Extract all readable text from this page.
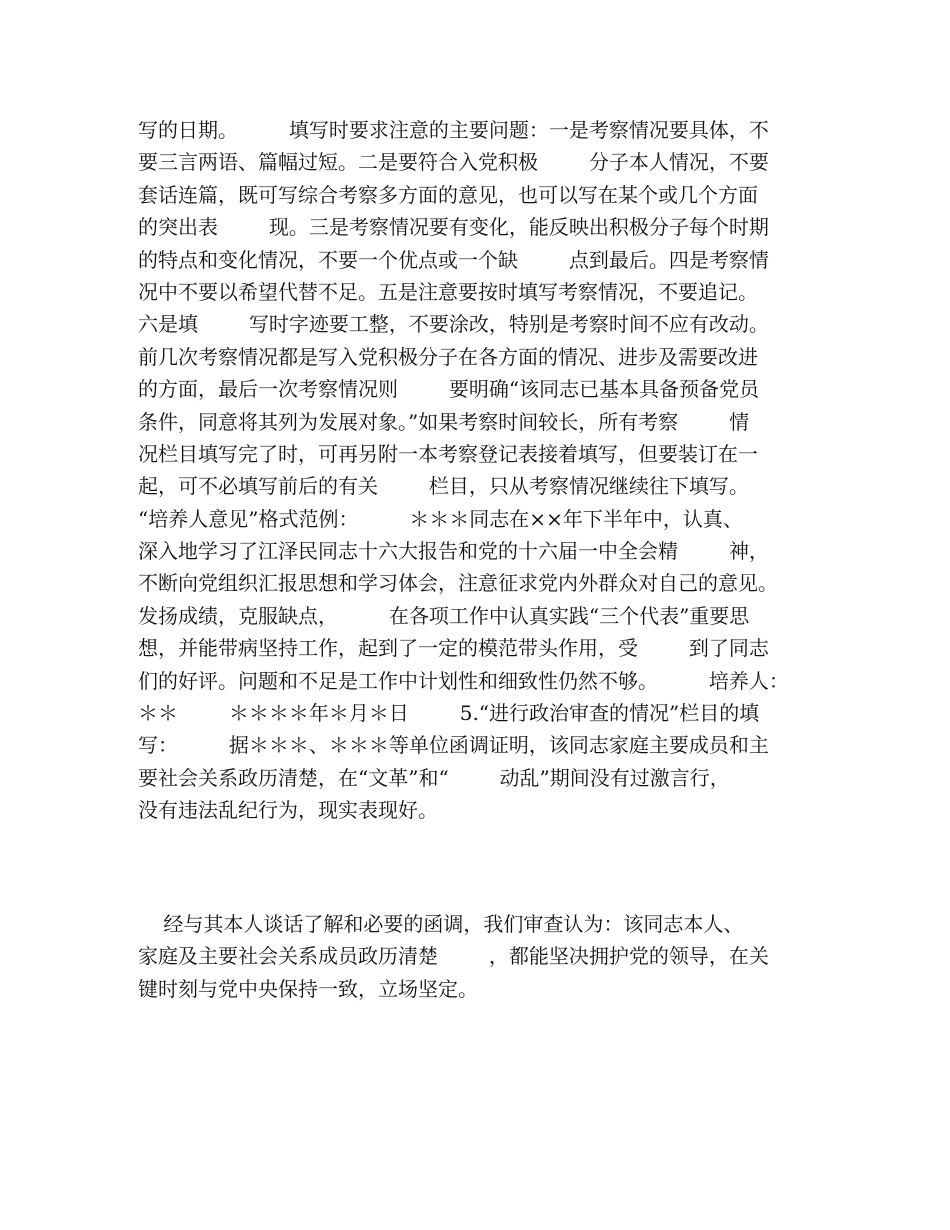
写的日期。        填写时要求注意的主要问题：一是考察情况要具体，不
要三言两语、篇幅过短。二是要符合入党积极        分子本人情况，不要
套话连篇，既可写综合考察多方面的意见，也可以写在某个或几个方面
的突出表        现。三是考察情况要有变化，能反映出积极分子每个时期
的特点和变化情况，不要一个优点或一个缺        点到最后。四是考察情
况中不要以希望代替不足。五是注意要按时填写考察情况，不要追记。
六是填        写时字迹要工整，不要涂改，特别是考察时间不应有改动。
前几次考察情况都是写入党积极分子在各方面的情况、进步及需要改进
的方面，最后一次考察情况则        要明确“该同志已基本具备预备党员
条件，同意将其列为发展对象。”如果考察时间较长，所有考察        情
况栏目填写完了时，可再另附一本考察登记表接着填写，但要装订在一
起，可不必填写前后的有关        栏目，只从考察情况继续往下填写。
“培养人意见”格式范例：        ＊＊＊同志在××年下半年中，认真、
深入地学习了江泽民同志十六大报告和党的十六届一中全会精        神，
不断向党组织汇报思想和学习体会，注意征求党内外群众对自己的意见。
发扬成绩，克服缺点，        在各项工作中认真实践“三个代表”重要思
想，并能带病坚持工作，起到了一定的模范带头作用，受        到了同志
们的好评。问题和不足是工作中计划性和细致性仍然不够。        培养人：
＊＊        ＊＊＊＊年＊月＊日        5.“进行政治审查的情况”栏目的填
写：        据＊＊＊、＊＊＊等单位函调证明，该同志家庭主要成员和主
要社会关系政历清楚，在“文革”和“        动乱”期间没有过激言行，
没有违法乱纪行为，现实表现好。
经与其本人谈话了解和必要的函调，我们审查认为：该同志本人、
家庭及主要社会关系成员政历清楚        ，都能坚决拥护党的领导，在关
键时刻与党中央保持一致，立场坚定。
